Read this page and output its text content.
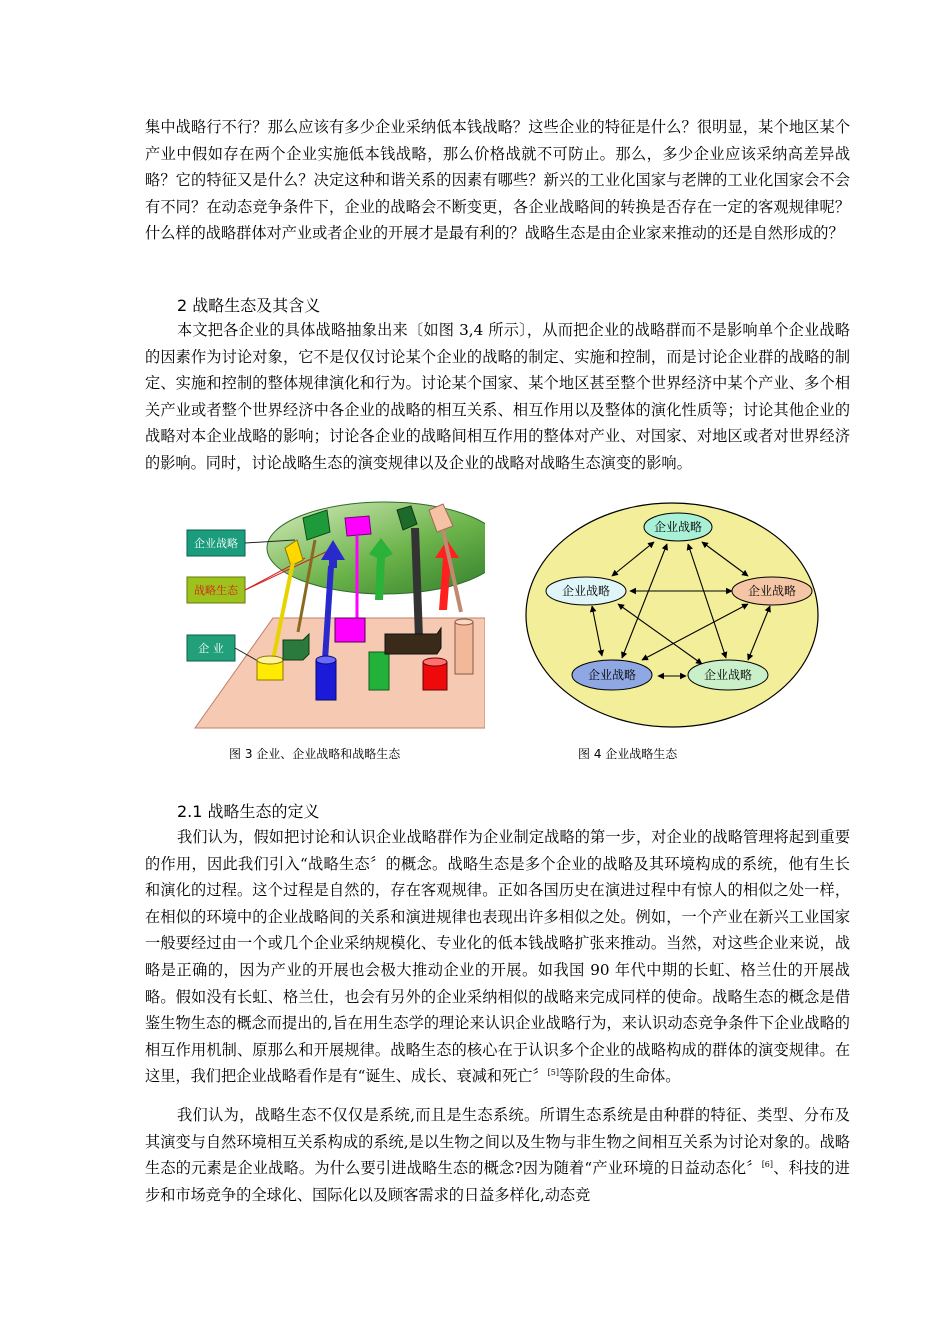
集中战略行不行？那么应该有多少企业采纳低本钱战略？这些企业的特征是什么？很明显，某个地区某个产业中假如存在两个企业实施低本钱战略，那么价格战就不可防止。那么，多少企业应该采纳高差异战略？它的特征又是什么？决定这种和谐关系的因素有哪些？新兴的工业化国家与老牌的工业化国家会不会有不同？在动态竞争条件下，企业的战略会不断变更，各企业战略间的转换是否存在一定的客观规律呢？什么样的战略群体对产业或者企业的开展才是最有利的？战略生态是由企业家来推动的还是自然形成的？

2 战略生态及其含义

本文把各企业的具体战略抽象出来〔如图 3,4 所示〕，从而把企业的战略群而不是影响单个企业战略的因素作为讨论对象，它不是仅仅讨论某个企业的战略的制定、实施和控制，而是讨论企业群的战略的制定、实施和控制的整体规律演化和行为。讨论某个国家、某个地区甚至整个世界经济中某个产业、多个相关产业或者整个世界经济中各企业的战略的相互关系、相互作用以及整体的演化性质等；讨论其他企业的战略对本企业战略的影响；讨论各企业的战略间相互作用的整体对产业、对国家、对地区或者对世界经济的影响。同时，讨论战略生态的演变规律以及企业的战略对战略生态演变的影响。

企业战略
战略生态
企 业

图 3 企业、企业战略和战略生态

企业战略
企业战略	企业战略
企业战略	企业战略

图 4 企业战略生态

2.1 战略生态的定义

我们认为，假如把讨论和认识企业战略群作为企业制定战略的第一步，对企业的战略管理将起到重要的作用，因此我们引入“战略生态〞的概念。战略生态是多个企业的战略及其环境构成的系统，他有生长和演化的过程。这个过程是自然的，存在客观规律。正如各国历史在演进过程中有惊人的相似之处一样，在相似的环境中的企业战略间的关系和演进规律也表现出许多相似之处。例如，一个产业在新兴工业国家一般要经过由一个或几个企业采纳规模化、专业化的低本钱战略扩张来推动。当然，对这些企业来说，战略是正确的，因为产业的开展也会极大推动企业的开展。如我国 90 年代中期的长虹、格兰仕的开展战略。假如没有长虹、格兰仕，也会有另外的企业采纳相似的战略来完成同样的使命。战略生态的概念是借鉴生物生态的概念而提出的,旨在用生态学的理论来认识企业战略行为，来认识动态竞争条件下企业战略的相互作用机制、原那么和开展规律。战略生态的核心在于认识多个企业的战略构成的群体的演变规律。在这里，我们把企业战略看作是有“诞生、成长、衰减和死亡〞[5]等阶段的生命体。

我们认为，战略生态不仅仅是系统,而且是生态系统。所谓生态系统是由种群的特征、类型、分布及其演变与自然环境相互关系构成的系统,是以生物之间以及生物与非生物之间相互关系为讨论对象的。战略生态的元素是企业战略。为什么要引进战略生态的概念?因为随着“产业环境的日益动态化〞[6]、科技的进步和市场竞争的全球化、国际化以及顾客需求的日益多样化,动态竞
